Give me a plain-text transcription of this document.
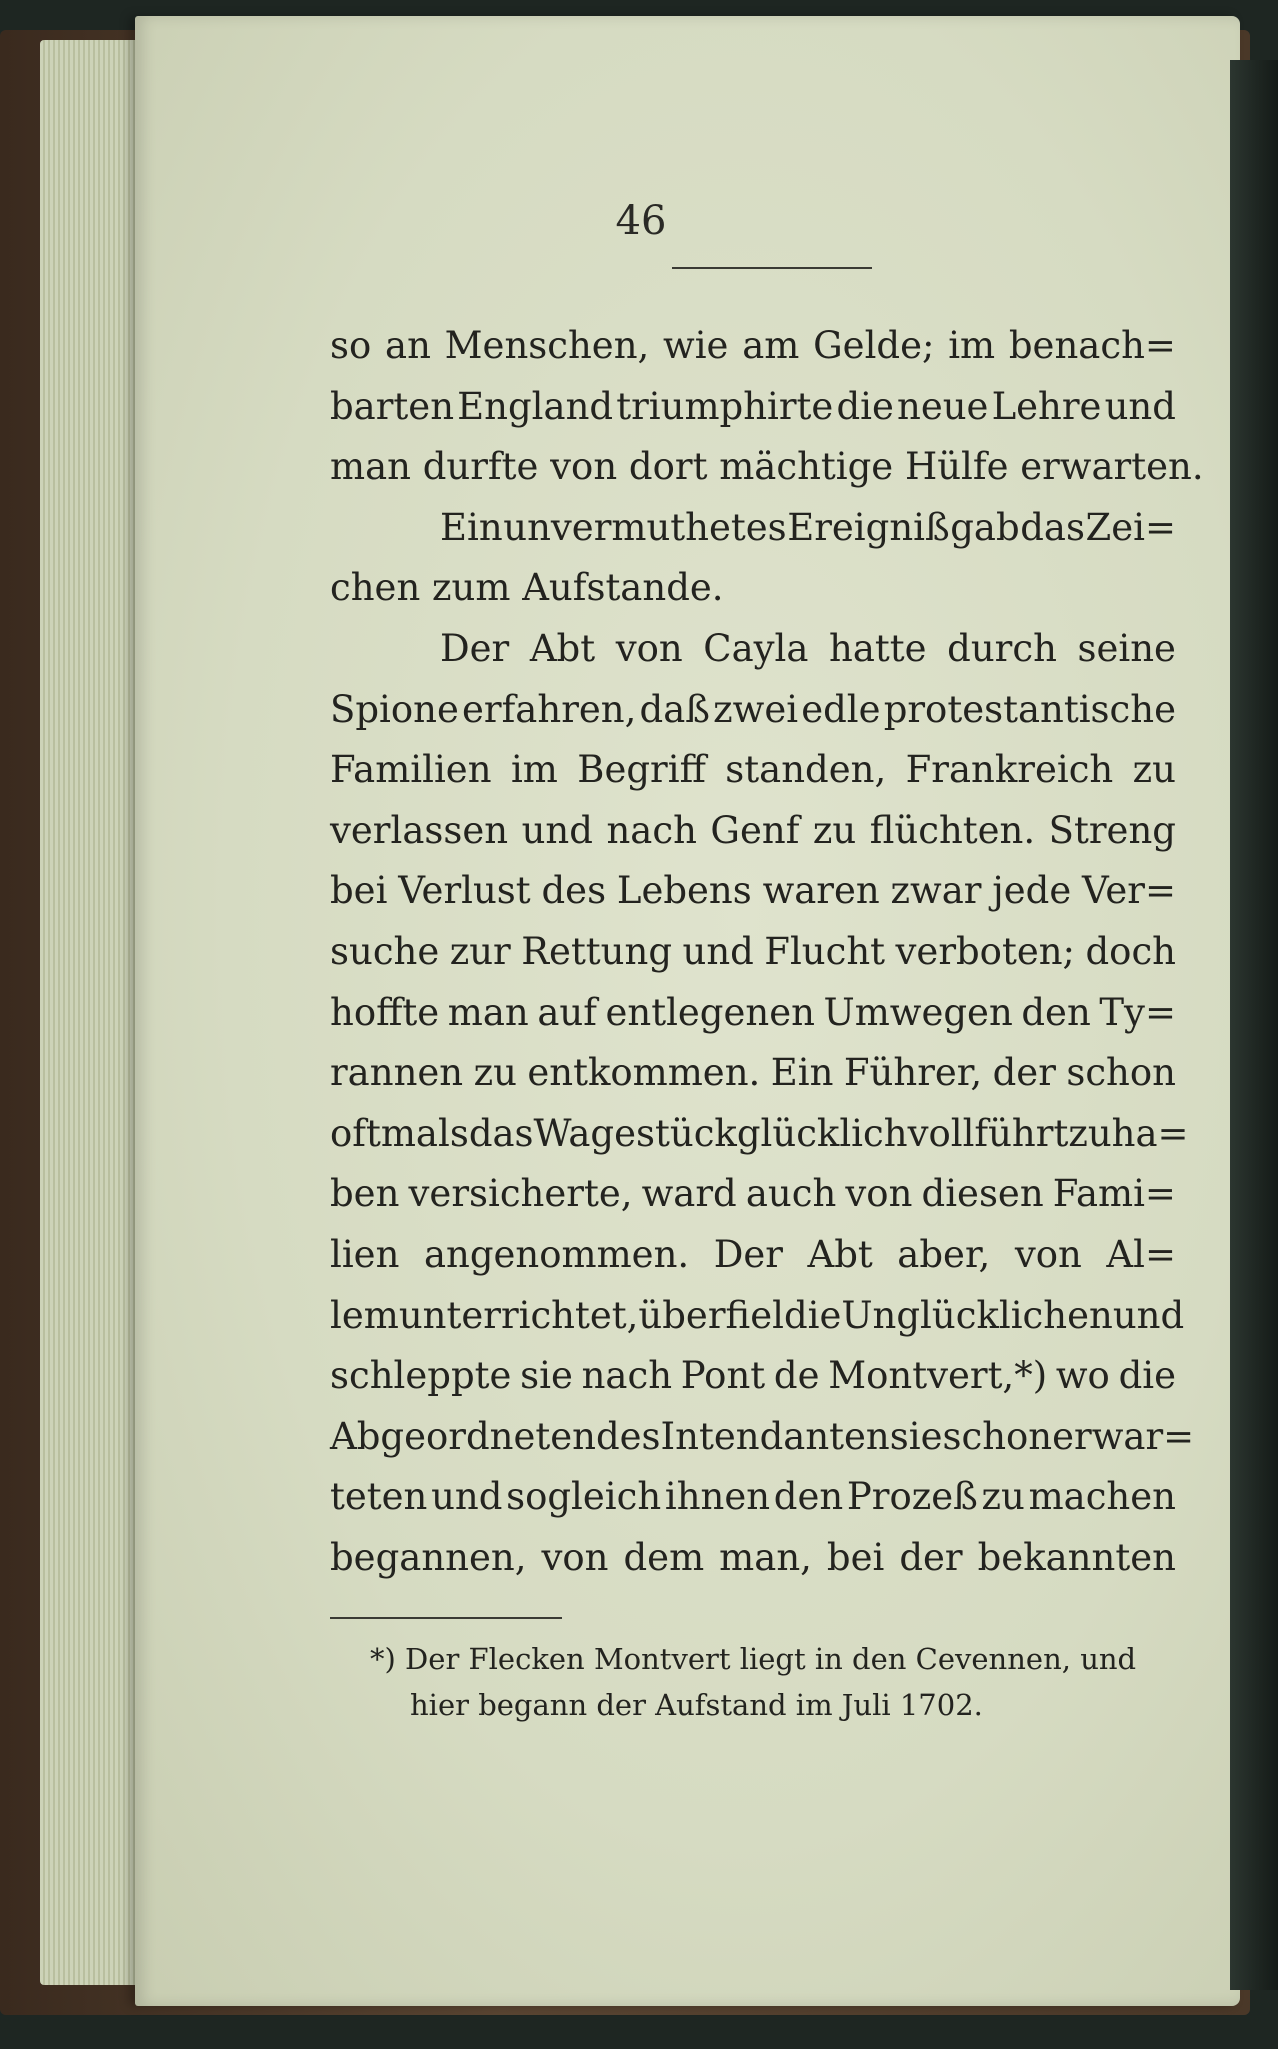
46
so an Menschen, wie am Gelde; im benach=
barten England triumphirte die neue Lehre und
man durfte von dort mächtige Hülfe erwarten.
Ein unvermuthetes Ereigniß gab das Zei=
chen zum Aufstande.
Der Abt von Cayla hatte durch seine
Spione erfahren, daß zwei edle protestantische
Familien im Begriff standen, Frankreich zu
verlassen und nach Genf zu flüchten. Streng
bei Verlust des Lebens waren zwar jede Ver=
suche zur Rettung und Flucht verboten; doch
hoffte man auf entlegenen Umwegen den Ty=
rannen zu entkommen. Ein Führer, der schon
oftmals das Wagestück glücklich vollführt zu ha=
ben versicherte, ward auch von diesen Fami=
lien angenommen. Der Abt aber, von Al=
lem unterrichtet, überfiel die Unglücklichen und
schleppte sie nach Pont de Montvert,*) wo die
Abgeordneten des Intendanten sie schon erwar=
teten und sogleich ihnen den Prozeß zu machen
begannen, von dem man, bei der bekannten
*) Der Flecken Montvert liegt in den Cevennen, und
hier begann der Aufstand im Juli 1702.
